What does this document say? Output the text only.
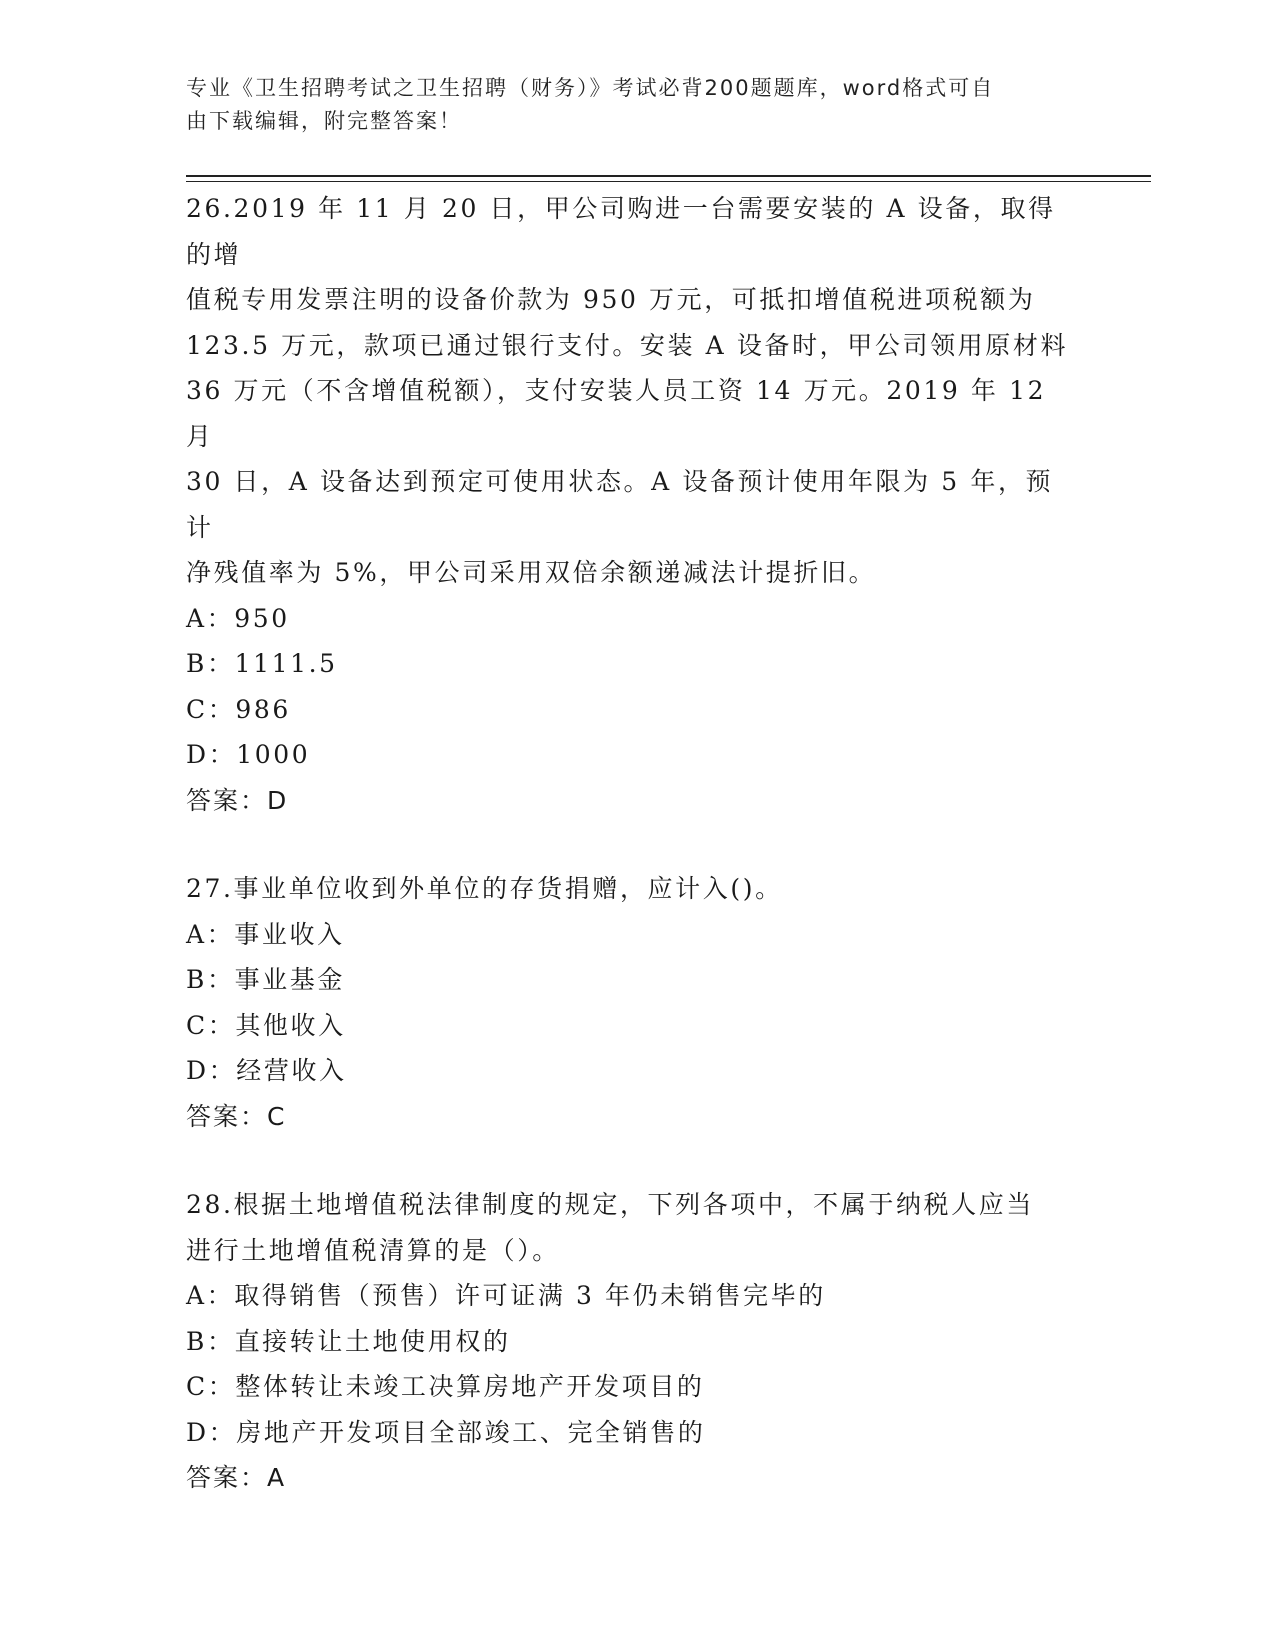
专业《卫生招聘考试之卫生招聘（财务）》考试必背200题题库，word格式可自
由下载编辑，附完整答案！

26.2019 年 11 月 20 日，甲公司购进一台需要安装的 A 设备，取得的增

值税专用发票注明的设备价款为 950 万元，可抵扣增值税进项税额为

123.5 万元，款项已通过银行支付。安装 A 设备时，甲公司领用原材料

36 万元（不含增值税额），支付安装人员工资 14 万元。2019 年 12 月

30 日，A 设备达到预定可使用状态。A 设备预计使用年限为 5 年，预计

净残值率为 5%，甲公司采用双倍余额递减法计提折旧。

A：950

B：1111.5

C：986

D：1000

答案：D

27.事业单位收到外单位的存货捐赠，应计入()。

A：事业收入

B：事业基金

C：其他收入

D：经营收入

答案：C

28.根据土地增值税法律制度的规定，下列各项中，不属于纳税人应当

进行土地增值税清算的是（）。

A：取得销售（预售）许可证满 3 年仍未销售完毕的

B：直接转让土地使用权的

C：整体转让未竣工决算房地产开发项目的

D：房地产开发项目全部竣工、完全销售的

答案：A
